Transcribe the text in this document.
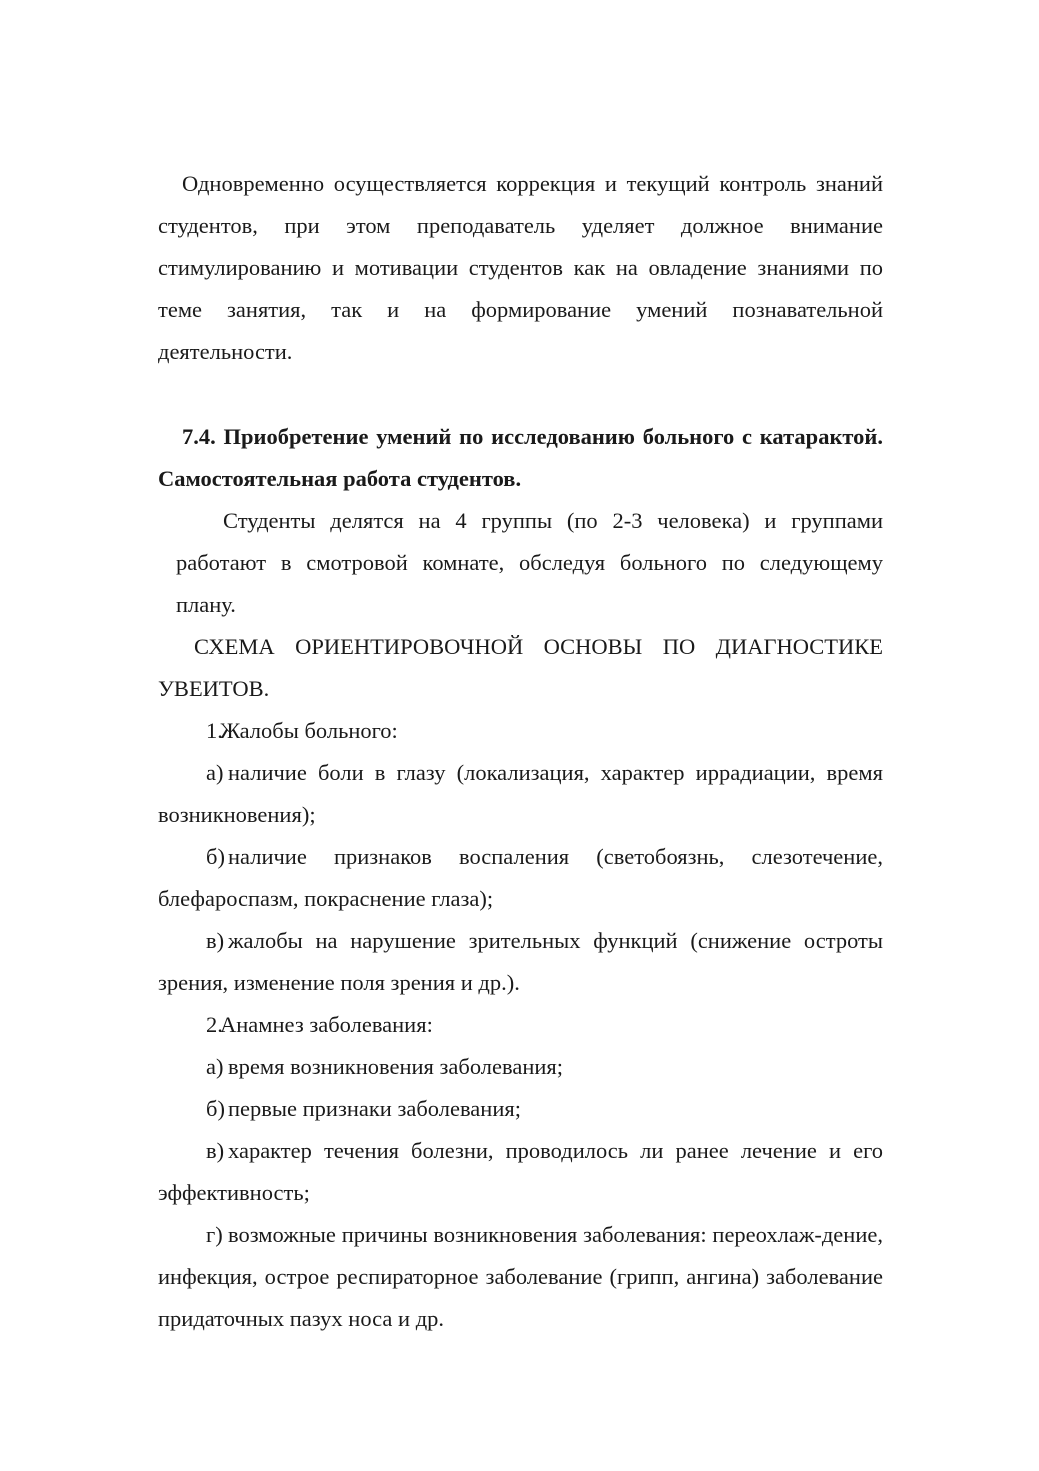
Одновременно осуществляется коррекция и текущий контроль знаний студентов, при этом преподаватель уделяет должное внимание стимулированию и мотивации студентов как на овладение знаниями по теме занятия, так и на формирование умений познавательной деятельности.

7.4. Приобретение умений по исследованию больного с катарактой. Самостоятельная работа студентов.

Студенты делятся на 4 группы (по 2-3 человека) и группами работают в смотровой комнате, обследуя больного по следующему плану.

СХЕМА ОРИЕНТИРОВОЧНОЙ ОСНОВЫ ПО ДИАГНОСТИКЕ УВЕИТОВ.

1.Жалобы больного:

а) наличие боли в глазу (локализация, характер иррадиации, время возникновения);

б) наличие признаков воспаления (светобоязнь, слезотечение, блефароспазм, покраснение глаза);

в) жалобы на нарушение зрительных функций (снижение остроты зрения, изменение поля зрения и др.).

2.Анамнез заболевания:

а) время возникновения заболевания;

б) первые признаки заболевания;

в) характер течения болезни, проводилось ли ранее лечение и его эффективность;

г) возможные причины возникновения заболевания: переохлаж-дение, инфекция, острое респираторное заболевание (грипп, ангина) заболевание придаточных пазух носа и др.
